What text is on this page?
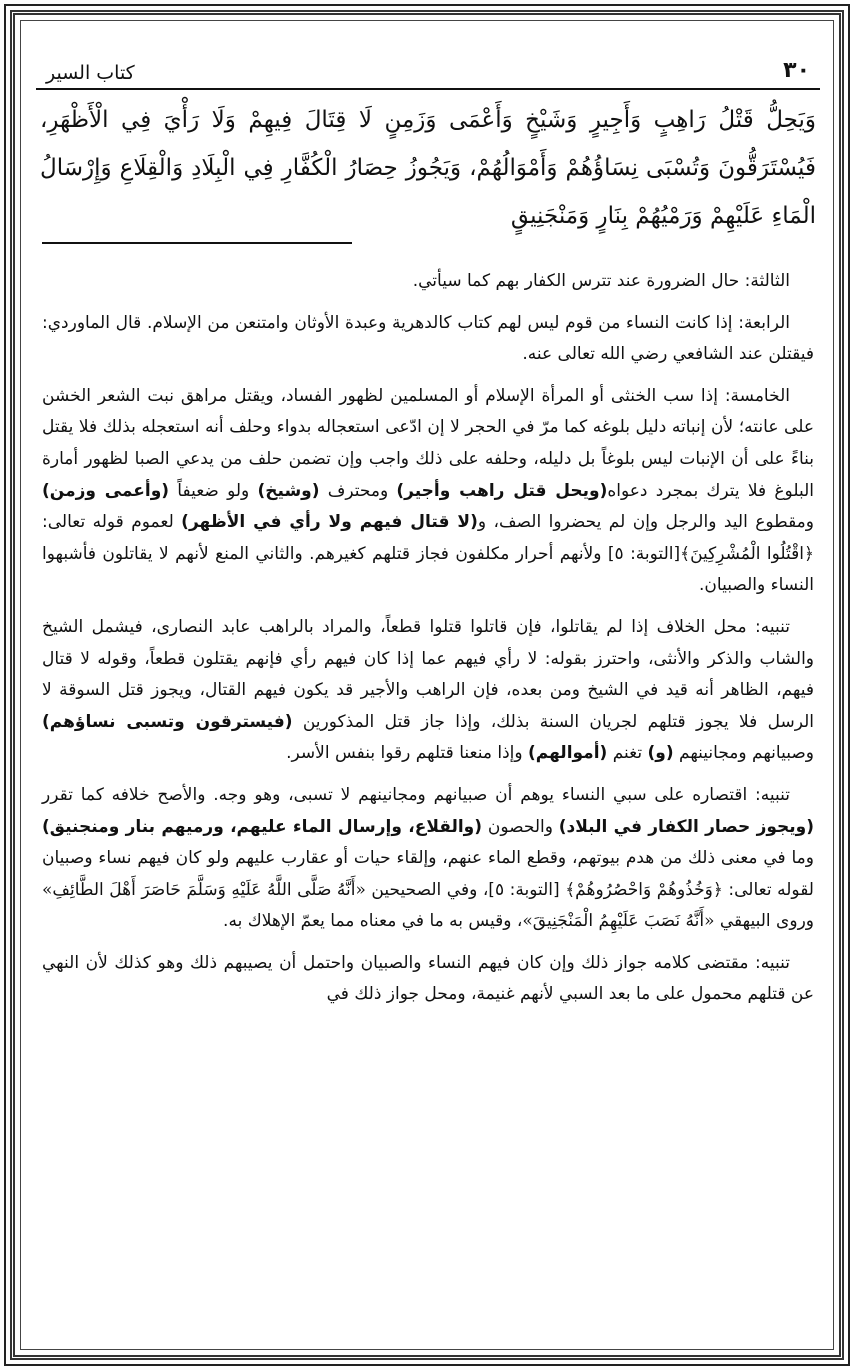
٣٠
كتاب السير
وَيَحِلُّ قَتْلُ رَاهِبٍ وَأَجِيرٍ وَشَيْخٍ وَأَعْمَى وَزَمِنٍ لَا قِتَالَ فِيهِمْ وَلَا رَأْيَ فِي الْأَظْهَرِ، فَيُسْتَرَقُّونَ وَتُسْبَى نِسَاؤُهُمْ وَأَمْوَالُهُمْ، وَيَجُوزُ حِصَارُ الْكُفَّارِ فِي الْبِلَادِ وَالْقِلَاعِ وَإِرْسَالُ الْمَاءِ عَلَيْهِمْ وَرَمْيُهُمْ بِنَارٍ وَمَنْجَنِيقٍ

الثالثة: حال الضرورة عند تترس الكفار بهم كما سيأتي.

الرابعة: إذا كانت النساء من قوم ليس لهم كتاب كالدهرية وعبدة الأوثان وامتنعن من الإسلام. قال الماوردي: فيقتلن عند الشافعي رضي الله تعالى عنه.

الخامسة: إذا سب الخنثى أو المرأة الإسلام أو المسلمين لظهور الفساد، ويقتل مراهق نبت الشعر الخشن على عانته؛ لأن إنباته دليل بلوغه كما مرّ في الحجر لا إن ادّعى استعجاله بدواء وحلف أنه استعجله بذلك فلا يقتل بناءً على أن الإنبات ليس بلوغاً بل دليله، وحلفه على ذلك واجب وإن تضمن حلف من يدعي الصبا لظهور أمارة البلوغ فلا يترك بمجرد دعواه(ويحل قتل راهب وأجير) ومحترف (وشيخ) ولو ضعيفاً (وأعمى وزمن) ومقطوع اليد والرجل وإن لم يحضروا الصف، و(لا قتال فيهم ولا رأي في الأظهر) لعموم قوله تعالى: ﴿اقْتُلُوا الْمُشْرِكِينَ﴾[التوبة: ٥] ولأنهم أحرار مكلفون فجاز قتلهم كغيرهم. والثاني المنع لأنهم لا يقاتلون فأشبهوا النساء والصبيان.

تنبيه: محل الخلاف إذا لم يقاتلوا، فإن قاتلوا قتلوا قطعاً، والمراد بالراهب عابد النصارى، فيشمل الشيخ والشاب والذكر والأنثى، واحترز بقوله: لا رأي فيهم عما إذا كان فيهم رأي فإنهم يقتلون قطعاً، وقوله لا قتال فيهم، الظاهر أنه قيد في الشيخ ومن بعده، فإن الراهب والأجير قد يكون فيهم القتال، ويجوز قتل السوقة لا الرسل فلا يجوز قتلهم لجريان السنة بذلك، وإذا جاز قتل المذكورين (فيسترقون وتسبى نساؤهم) وصبيانهم ومجانينهم (و) تغنم (أموالهم) وإذا منعنا قتلهم رقوا بنفس الأسر.

تنبيه: اقتصاره على سبي النساء يوهم أن صبيانهم ومجانينهم لا تسبى، وهو وجه. والأصح خلافه كما تقرر (ويجوز حصار الكفار في البلاد) والحصون (والقلاع، وإرسال الماء عليهم، ورميهم بنار ومنجنيق) وما في معنى ذلك من هدم بيوتهم، وقطع الماء عنهم، وإلقاء حيات أو عقارب عليهم ولو كان فيهم نساء وصبيان لقوله تعالى: ﴿وَخُذُوهُمْ وَاحْصُرُوهُمْ﴾ [التوبة: ٥]، وفي الصحيحين «أَنَّهُ صَلَّى اللَّهُ عَلَيْهِ وَسَلَّمَ حَاصَرَ أَهْلَ الطَّائِفِ» وروى البيهقي «أَنَّهُ نَصَبَ عَلَيْهِمُ الْمَنْجَنِيقَ»، وقيس به ما في معناه مما يعمّ الإهلاك به.

تنبيه: مقتضى كلامه جواز ذلك وإن كان فيهم النساء والصبيان واحتمل أن يصيبهم ذلك وهو كذلك لأن النهي عن قتلهم محمول على ما بعد السبي لأنهم غنيمة، ومحل جواز ذلك في
